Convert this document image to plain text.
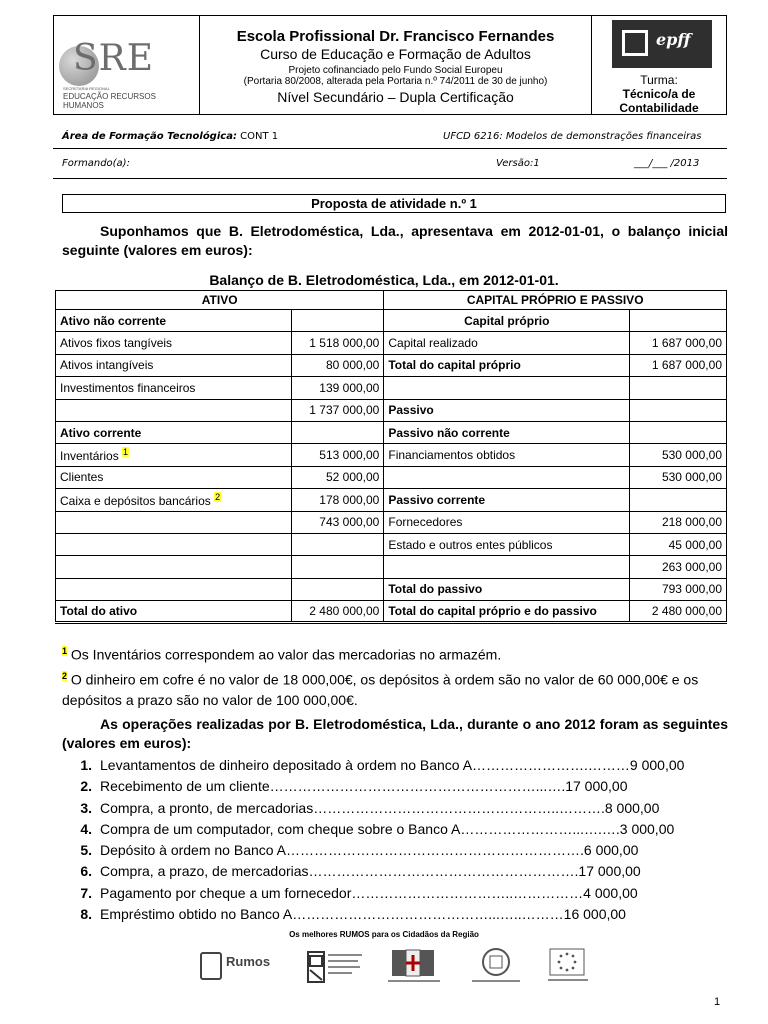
SRE
SECRETARIA REGIONAL
EDUCAÇÃO RECURSOS HUMANOS
Escola Profissional Dr. Francisco Fernandes
Curso de Educação e Formação de Adultos
Projeto cofinanciado pelo Fundo Social Europeu
(Portaria 80/2008, alterada pela Portaria n.º 74/2011 de 30 de junho)
Nível Secundário – Dupla Certificação
epff
Turma:
Técnico/a de
Contabilidade
Área de Formação Tecnológica: CONT 1	UFCD 6216: Modelos de demonstrações financeiras
Formando(a):	Versão:1	___/___ /2013
Proposta de atividade n.º 1
Suponhamos que B. Eletrodoméstica, Lda., apresentava em 2012-01-01, o balanço inicial seguinte (valores em euros):
Balanço de B. Eletrodoméstica, Lda., em 2012-01-01.
ATIVO		CAPITAL PRÓPRIO E PASSIVO	
Ativo não corrente		Capital próprio	
Ativos fixos tangíveis	1 518 000,00	Capital realizado	1 687 000,00
Ativos intangíveis	80 000,00	Total do capital próprio	1 687 000,00
Investimentos financeiros	139 000,00		
	1 737 000,00	Passivo	
Ativo corrente		Passivo não corrente	
Inventários $^1$	513 000,00	Financiamentos obtidos	530 000,00
Clientes	52 000,00		530 000,00
Caixa e depósitos bancários $^2$	178 000,00	Passivo corrente	
	743 000,00	Fornecedores	218 000,00
		Estado e outros entes públicos	45 000,00
			263 000,00
		Total do passivo	793 000,00
Total do ativo	2 480 000,00	Total do capital próprio e do passivo	2 480 000,00
$^1$ Os Inventários correspondem ao valor das mercadorias no armazém.
$^2$ O dinheiro em cofre é no valor de 18 000,00€, os depósitos à ordem são no valor de 60 000,00€ e os depósitos a prazo são no valor de 100 000,00€.
As operações realizadas por B. Eletrodoméstica, Lda., durante o ano 2012 foram as seguintes (valores em euros):
1. Levantamentos de dinheiro depositado à ordem no Banco A…………………….………9 000,00
2. Recebimento de um cliente…………………………………………………...….17 000,00
3. Compra, a pronto, de mercadorias……………………………………………..……….8 000,00
4. Compra de um computador, com cheque sobre o Banco A……………………...….….3 000,00
5. Depósito à ordem no Banco A……………………………………………………….6 000,00
6. Compra, a prazo, de mercadorias………………………………………………….17 000,00
7. Pagamento por cheque a um fornecedor……………………………..……………4 000,00
8. Empréstimo obtido no Banco A……………………………………...…..………16 000,00
Os melhores RUMOS para os Cidadãos da Região
Rumos
1
